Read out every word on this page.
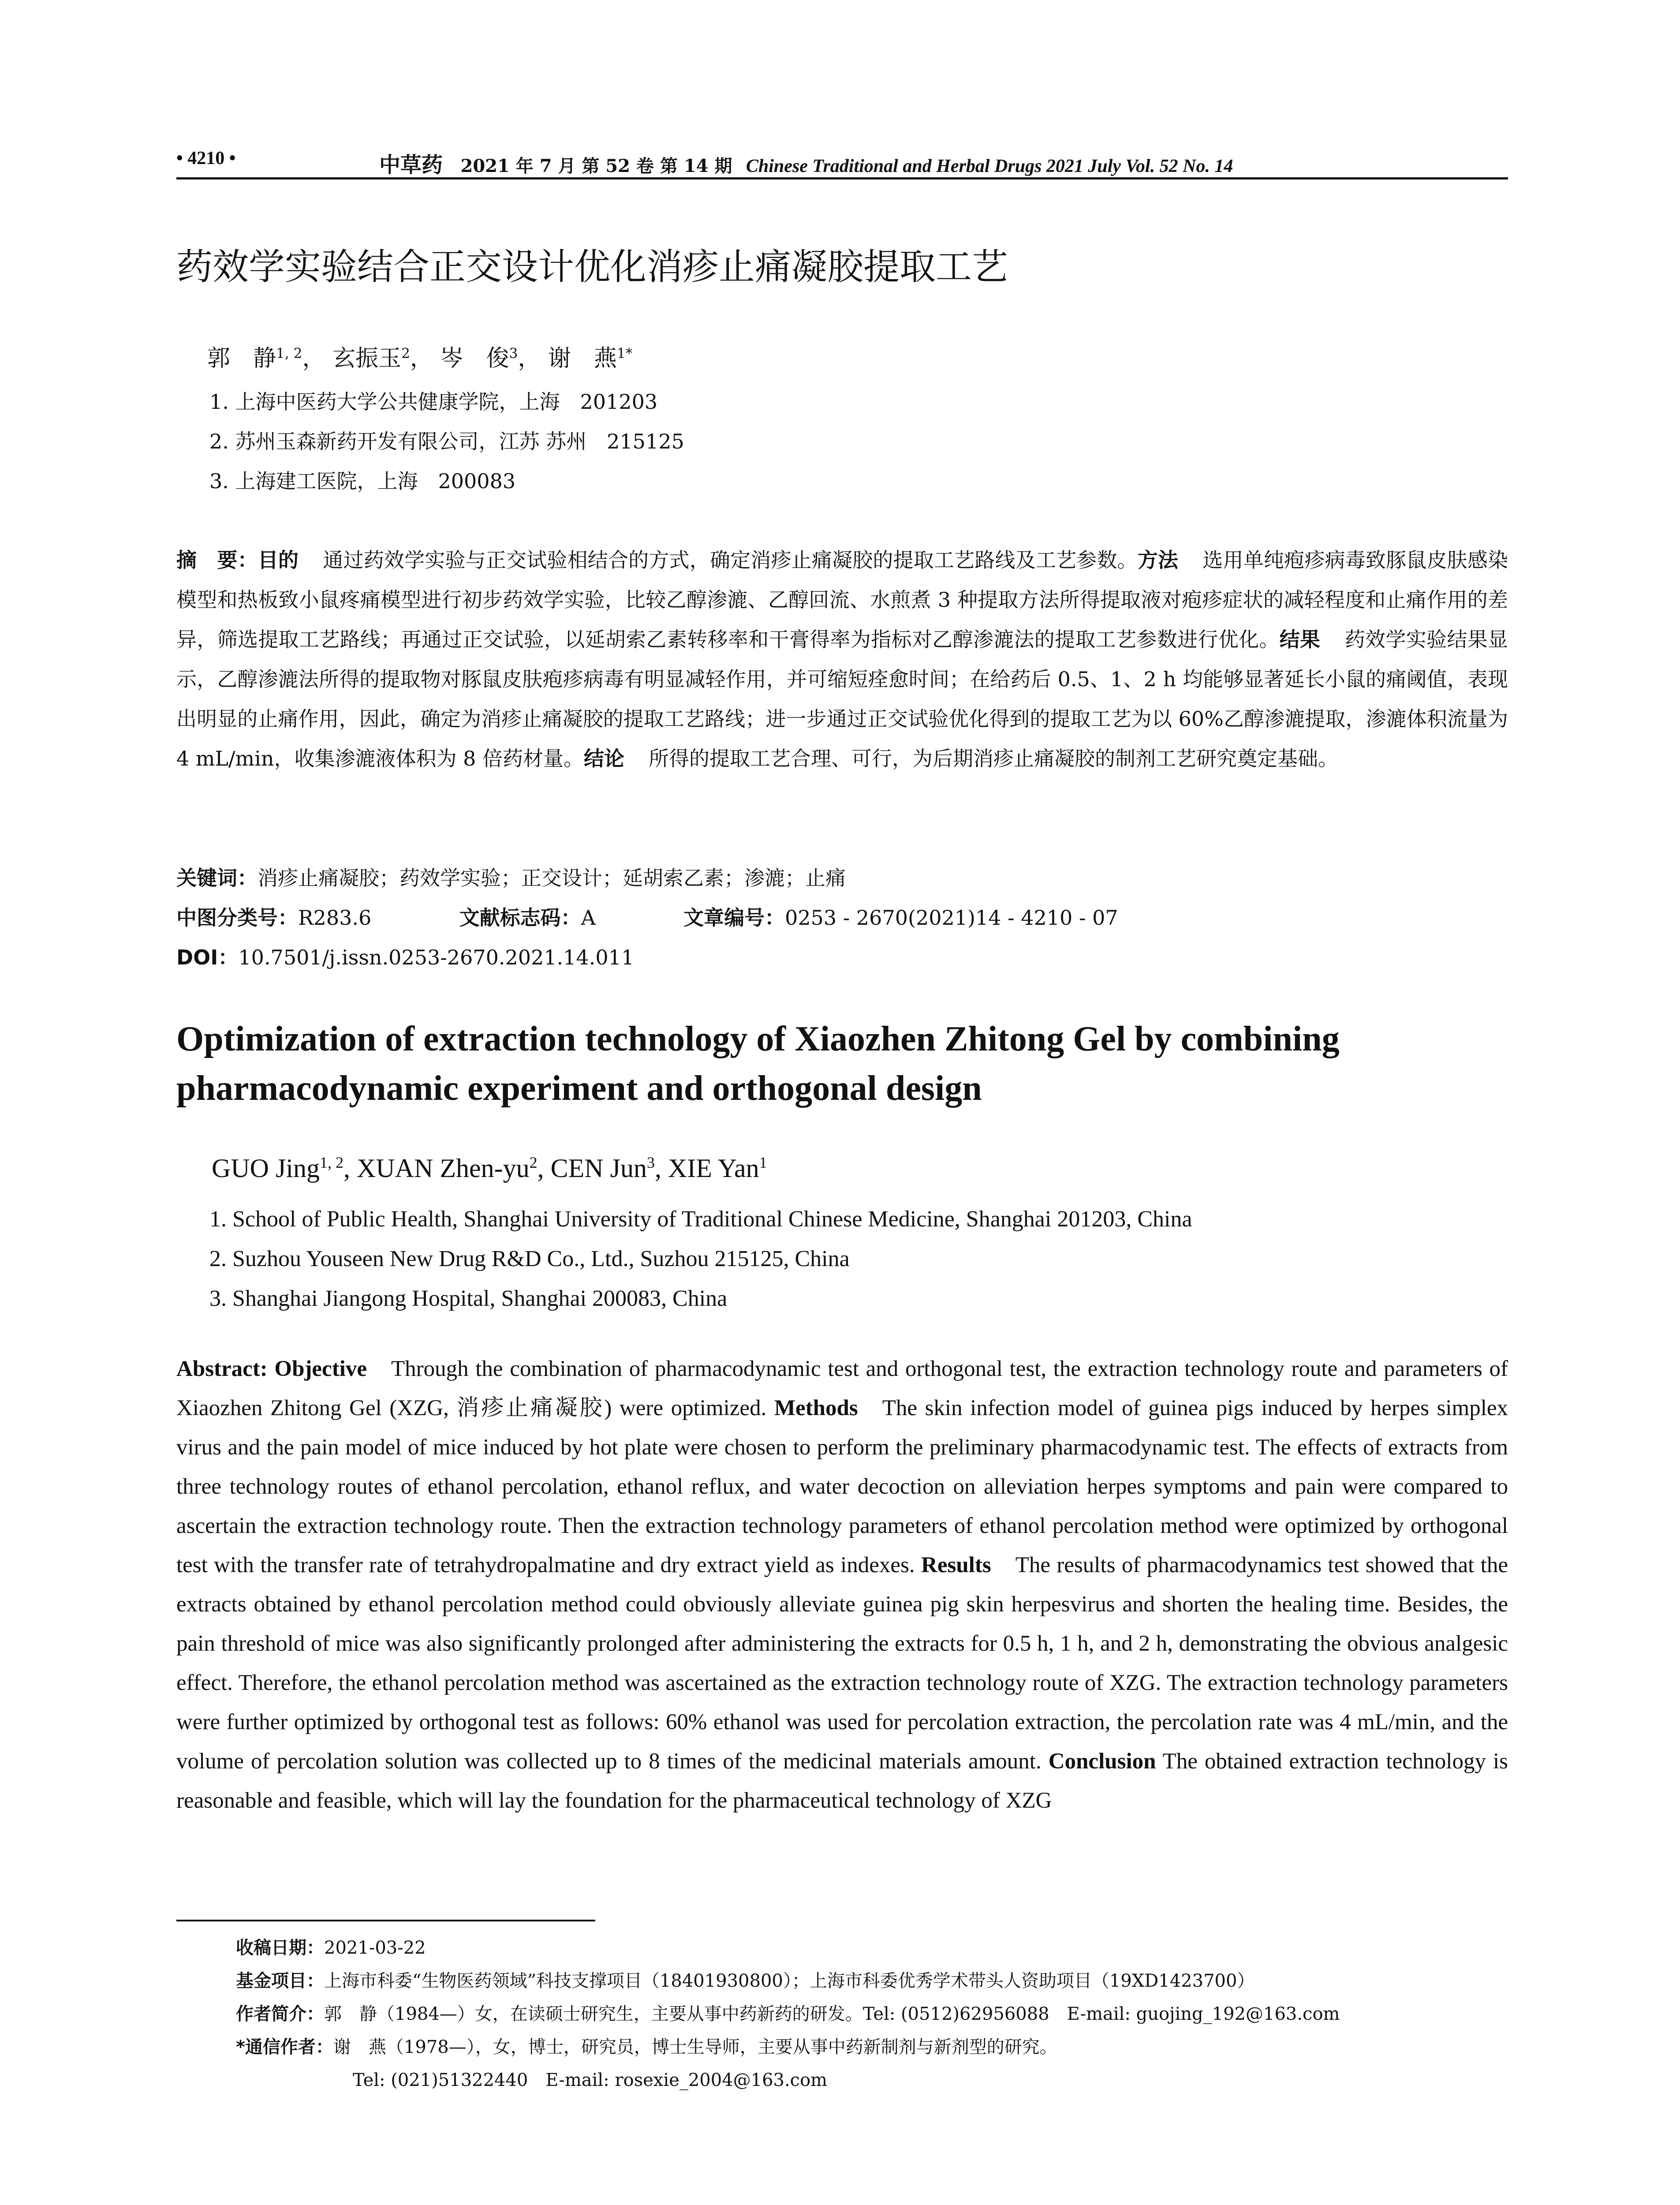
• 4210 •	中草药 2021 年 7 月 第 52 卷 第 14 期 Chinese Traditional and Herbal Drugs 2021 July Vol. 52 No. 14
药效学实验结合正交设计优化消疹止痛凝胶提取工艺
郭　静$^{1, 2}$， 玄振玉$^2$， 岑　俊$^3$， 谢　燕$^{1*}$
1. 上海中医药大学公共健康学院，上海　201203
2. 苏州玉森新药开发有限公司，江苏 苏州　215125
3. 上海建工医院，上海　200083
摘　要：目的 通过药效学实验与正交试验相结合的方式，确定消疹止痛凝胶的提取工艺路线及工艺参数。方法 选用单纯疱疹病毒致豚鼠皮肤感染模型和热板致小鼠疼痛模型进行初步药效学实验，比较乙醇渗漉、乙醇回流、水煎煮 3 种提取方法所得提取液对疱疹症状的减轻程度和止痛作用的差异，筛选提取工艺路线；再通过正交试验，以延胡索乙素转移率和干膏得率为指标对乙醇渗漉法的提取工艺参数进行优化。结果 药效学实验结果显示，乙醇渗漉法所得的提取物对豚鼠皮肤疱疹病毒有明显减轻作用，并可缩短痊愈时间；在给药后 0.5、1、2 h 均能够显著延长小鼠的痛阈值，表现出明显的止痛作用，因此，确定为消疹止痛凝胶的提取工艺路线；进一步通过正交试验优化得到的提取工艺为以 60%乙醇渗漉提取，渗漉体积流量为 4 mL/min，收集渗漉液体积为 8 倍药材量。结论 所得的提取工艺合理、可行，为后期消疹止痛凝胶的制剂工艺研究奠定基础。
关键词：消疹止痛凝胶；药效学实验；正交设计；延胡索乙素；渗漉；止痛
中图分类号：R283.6	文献标志码：A	文章编号：0253 - 2670(2021)14 - 4210 - 07
DOI：10.7501/j.issn.0253-2670.2021.14.011
Optimization of extraction technology of Xiaozhen Zhitong Gel by combining pharmacodynamic experiment and orthogonal design
GUO Jing$^{1, 2}$, XUAN Zhen-$yu^2$, CEN Jun$^3$, XIE Yan$^1$
1. School of Public Health, Shanghai University of Traditional Chinese Medicine, Shanghai 201203, China
2. Suzhou Youseen New Drug R&D Co., Ltd., Suzhou 215125, China
3. Shanghai Jiangong Hospital, Shanghai 200083, China
Abstract: Objective Through the combination of pharmacodynamic test and orthogonal test, the extraction technology route and parameters of Xiaozhen Zhitong Gel (XZG, 消疹止痛凝胶) were optimized. Methods The skin infection model of guinea pigs induced by herpes simplex virus and the pain model of mice induced by hot plate were chosen to perform the preliminary pharmacodynamic test. The effects of extracts from three technology routes of ethanol percolation, ethanol reflux, and water decoction on alleviation herpes symptoms and pain were compared to ascertain the extraction technology route. Then the extraction technology parameters of ethanol percolation method were optimized by orthogonal test with the transfer rate of tetrahydropalmatine and dry extract yield as indexes. Results The results of pharmacodynamics test showed that the extracts obtained by ethanol percolation method could obviously alleviate guinea pig skin herpesvirus and shorten the healing time. Besides, the pain threshold of mice was also significantly prolonged after administering the extracts for 0.5 h, 1 h, and 2 h, demonstrating the obvious analgesic effect. Therefore, the ethanol percolation method was ascertained as the extraction technology route of XZG. The extraction technology parameters were further optimized by orthogonal test as follows: 60% ethanol was used for percolation extraction, the percolation rate was 4 mL/min, and the volume of percolation solution was collected up to 8 times of the medicinal materials amount. Conclusion The obtained extraction technology is reasonable and feasible, which will lay the foundation for the pharmaceutical technology of XZG
收稿日期：2021-03-22
基金项目：上海市科委“生物医药领域”科技支撑项目（18401930800）；上海市科委优秀学术带头人资助项目（19XD1423700）
作者简介：郭　静（1984—）女，在读硕士研究生，主要从事中药新药的研发。Tel: (0512)62956088　E-mail: guojing_192@163.com
*通信作者：谢　燕（1978—），女，博士，研究员，博士生导师，主要从事中药新制剂与新剂型的研究。
Tel: (021)51322440　E-mail: rosexie_2004@163.com
